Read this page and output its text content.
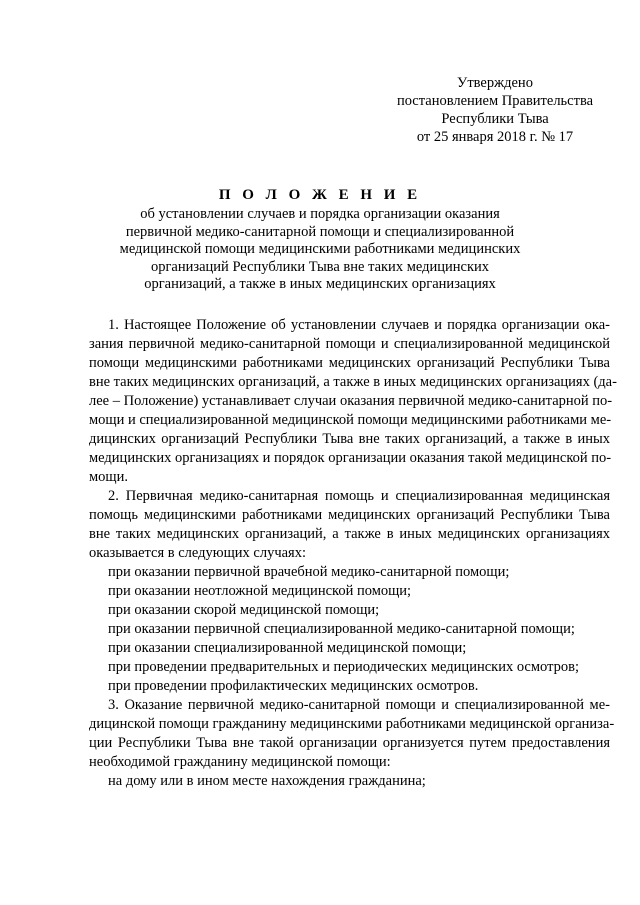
Утверждено
постановлением Правительства
Республики Тыва
от 25 января 2018 г. № 17
П О Л О Ж Е Н И Е
об установлении случаев и порядка организации оказания
первичной медико-санитарной помощи и специализированной
медицинской помощи медицинскими работниками медицинских
организаций Республики Тыва вне таких медицинских
организаций, а также в иных медицинских организациях
1. Настоящее Положение об установлении случаев и порядка организации ока-
зания первичной медико-санитарной помощи и специализированной медицинской
помощи медицинскими работниками медицинских организаций Республики Тыва
вне таких медицинских организаций, а также в иных медицинских организациях (да-
лее – Положение) устанавливает случаи оказания первичной медико-санитарной по-
мощи и специализированной медицинской помощи медицинскими работниками ме-
дицинских организаций Республики Тыва вне таких организаций, а также в иных
медицинских организациях и порядок организации оказания такой медицинской по-
мощи.
2. Первичная медико-санитарная помощь и специализированная медицинская
помощь медицинскими работниками медицинских организаций Республики Тыва
вне таких медицинских организаций, а также в иных медицинских организациях
оказывается в следующих случаях:
при оказании первичной врачебной медико-санитарной помощи;
при оказании неотложной медицинской помощи;
при оказании скорой медицинской помощи;
при оказании первичной специализированной медико-санитарной помощи;
при оказании специализированной медицинской помощи;
при проведении предварительных и периодических медицинских осмотров;
при проведении профилактических медицинских осмотров.
3. Оказание первичной медико-санитарной помощи и специализированной ме-
дицинской помощи гражданину медицинскими работниками медицинской организа-
ции Республики Тыва вне такой организации организуется путем предоставления
необходимой гражданину медицинской помощи:
на дому или в ином месте нахождения гражданина;
